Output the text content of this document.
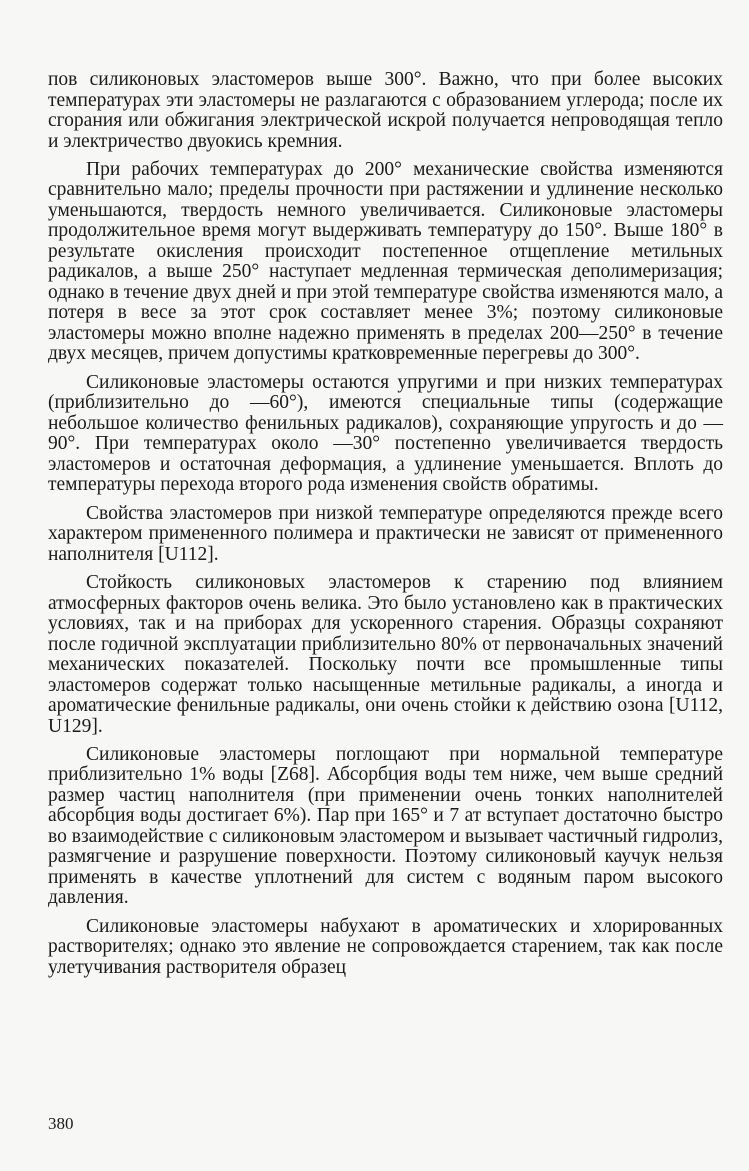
пов силиконовых эластомеров выше 300°. Важно, что при более высоких температурах эти эластомеры не разлагаются с образованием углерода; после их сгорания или обжигания электрической искрой получается непроводящая тепло и электричество двуокись кремния.

При рабочих температурах до 200° механические свойства изменяются сравнительно мало; пределы прочности при растяжении и удлинение несколько уменьшаются, твердость немного увеличивается. Силиконовые эластомеры продолжительное время могут выдерживать температуру до 150°. Выше 180° в результате окисления происходит постепенное отщепление метильных радикалов, а выше 250° наступает медленная термическая деполимеризация; однако в течение двух дней и при этой температуре свойства изменяются мало, а потеря в весе за этот срок составляет менее 3%; поэтому силиконовые эластомеры можно вполне надежно применять в пределах 200—250° в течение двух месяцев, причем допустимы кратковременные перегревы до 300°.

Силиконовые эластомеры остаются упругими и при низких температурах (приблизительно до —60°), имеются специальные типы (содержащие небольшое количество фенильных радикалов), сохраняющие упругость и до —90°. При температурах около —30° постепенно увеличивается твердость эластомеров и остаточная деформация, а удлинение уменьшается. Вплоть до температуры перехода второго рода изменения свойств обратимы.

Свойства эластомеров при низкой температуре определяются прежде всего характером примененного полимера и практически не зависят от примененного наполнителя [U112].

Стойкость силиконовых эластомеров к старению под влиянием атмосферных факторов очень велика. Это было установлено как в практических условиях, так и на приборах для ускоренного старения. Образцы сохраняют после годичной эксплуатации приблизительно 80% от первоначальных значений механических показателей. Поскольку почти все промышленные типы эластомеров содержат только насыщенные метильные радикалы, а иногда и ароматические фенильные радикалы, они очень стойки к действию озона [U112, U129].

Силиконовые эластомеры поглощают при нормальной температуре приблизительно 1% воды [Z68]. Абсорбция воды тем ниже, чем выше средний размер частиц наполнителя (при применении очень тонких наполнителей абсорбция воды достигает 6%). Пар при 165° и 7 ат вступает достаточно быстро во взаимодействие с силиконовым эластомером и вызывает частичный гидролиз, размягчение и разрушение поверхности. Поэтому силиконовый каучук нельзя применять в качестве уплотнений для систем с водяным паром высокого давления.

Силиконовые эластомеры набухают в ароматических и хлорированных растворителях; однако это явление не сопровождается старением, так как после улетучивания растворителя образец

380
